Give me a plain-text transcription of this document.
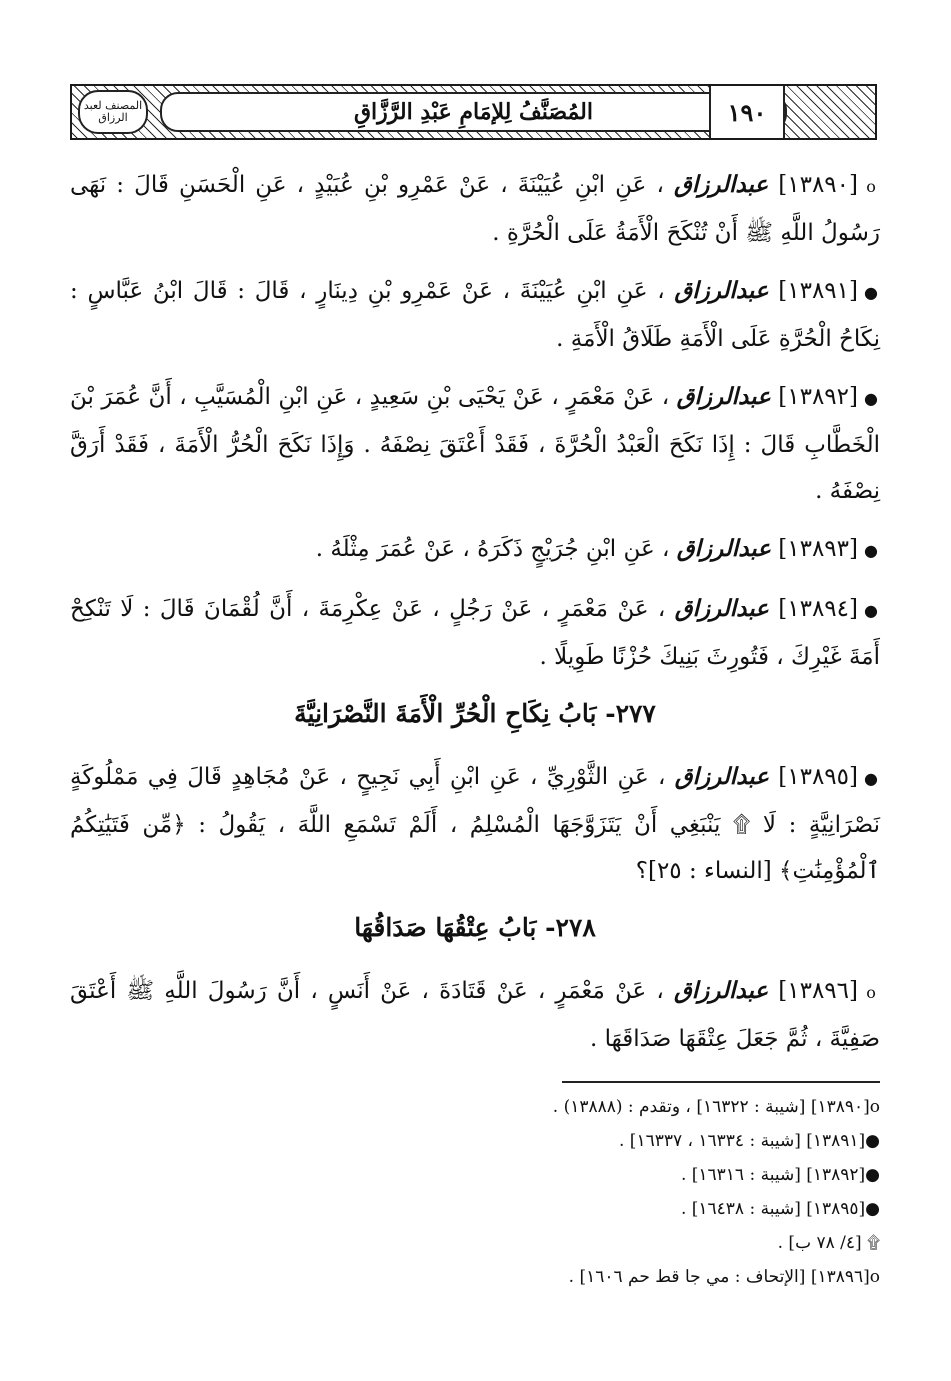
المصنف لعبد الرزاق	المُصَنَّفُ لِلإمَامِ عَبْدِ الرَّزَّاقِ	١٩٠

o[١٣٨٩٠] عبدالرزاق ، عَنِ ابْنِ عُيَيْنَةَ ، عَنْ عَمْرِو بْنِ عُبَيْدٍ ، عَنِ الْحَسَنِ قَالَ : نَهَى رَسُولُ اللَّهِ ﷺ أَنْ تُنْكَحَ الْأَمَةُ عَلَى الْحُرَّةِ .

●[١٣٨٩١] عبدالرزاق ، عَنِ ابْنِ عُيَيْنَةَ ، عَنْ عَمْرِو بْنِ دِينَارٍ ، قَالَ : قَالَ ابْنُ عَبَّاسٍ : نِكَاحُ الْحُرَّةِ عَلَى الْأَمَةِ طَلَاقُ الْأَمَةِ .

●[١٣٨٩٢] عبدالرزاق ، عَنْ مَعْمَرٍ ، عَنْ يَحْيَى بْنِ سَعِيدٍ ، عَنِ ابْنِ الْمُسَيَّبِ ، أَنَّ عُمَرَ بْنَ الْخَطَّابِ قَالَ : إِذَا نَكَحَ الْعَبْدُ الْحُرَّةَ ، فَقَدْ أَعْتَقَ نِصْفَهُ . وَإِذَا نَكَحَ الْحُرُّ الْأَمَةَ ، فَقَدْ أَرَقَّ نِصْفَهُ .

●[١٣٨٩٣] عبدالرزاق ، عَنِ ابْنِ جُرَيْجٍ ذَكَرَهُ ، عَنْ عُمَرَ مِثْلَهُ .

●[١٣٨٩٤] عبدالرزاق ، عَنْ مَعْمَرٍ ، عَنْ رَجُلٍ ، عَنْ عِكْرِمَةَ ، أَنَّ لُقْمَانَ قَالَ : لَا تَنْكِحْ أَمَةَ غَيْرِكَ ، فَتُورِثَ بَنِيكَ حُزْنًا طَوِيلًا .

٢٧٧- بَابُ نِكَاحِ الْحُرِّ الْأَمَةَ النَّصْرَانِيَّةَ

●[١٣٨٩٥] عبدالرزاق ، عَنِ الثَّوْرِيِّ ، عَنِ ابْنِ أَبِي نَجِيحٍ ، عَنْ مُجَاهِدٍ قَالَ فِي مَمْلُوكَةٍ نَصْرَانِيَّةٍ : لَا ۩ يَنْبَغِي أَنْ يَتَزَوَّجَهَا الْمُسْلِمُ ، أَلَمْ تَسْمَعِ اللَّهَ ، يَقُولُ : ﴿مِّن فَتَيَٰتِكُمُ ٱلْمُؤْمِنَٰتِ﴾ [النساء : ٢٥]؟

٢٧٨- بَابُ عِتْقُهَا صَدَاقُهَا

o[١٣٨٩٦] عبدالرزاق ، عَنْ مَعْمَرٍ ، عَنْ قَتَادَةَ ، عَنْ أَنَسٍ ، أَنَّ رَسُولَ اللَّهِ ﷺ أَعْتَقَ صَفِيَّةَ ، ثُمَّ جَعَلَ عِتْقَهَا صَدَاقَهَا .

o[١٣٨٩٠] [شيبة : ١٦٣٢٢] ، وتقدم : (١٣٨٨٨) .
●[١٣٨٩١] [شيبة : ١٦٣٣٤ ، ١٦٣٣٧] .
●[١٣٨٩٢] [شيبة : ١٦٣١٦] .
●[١٣٨٩٥] [شيبة : ١٦٤٣٨] .
۩ [٤/ ٧٨ ب] .
o[١٣٨٩٦] [الإتحاف : مي جا قط حم ١٦٠٦] .
